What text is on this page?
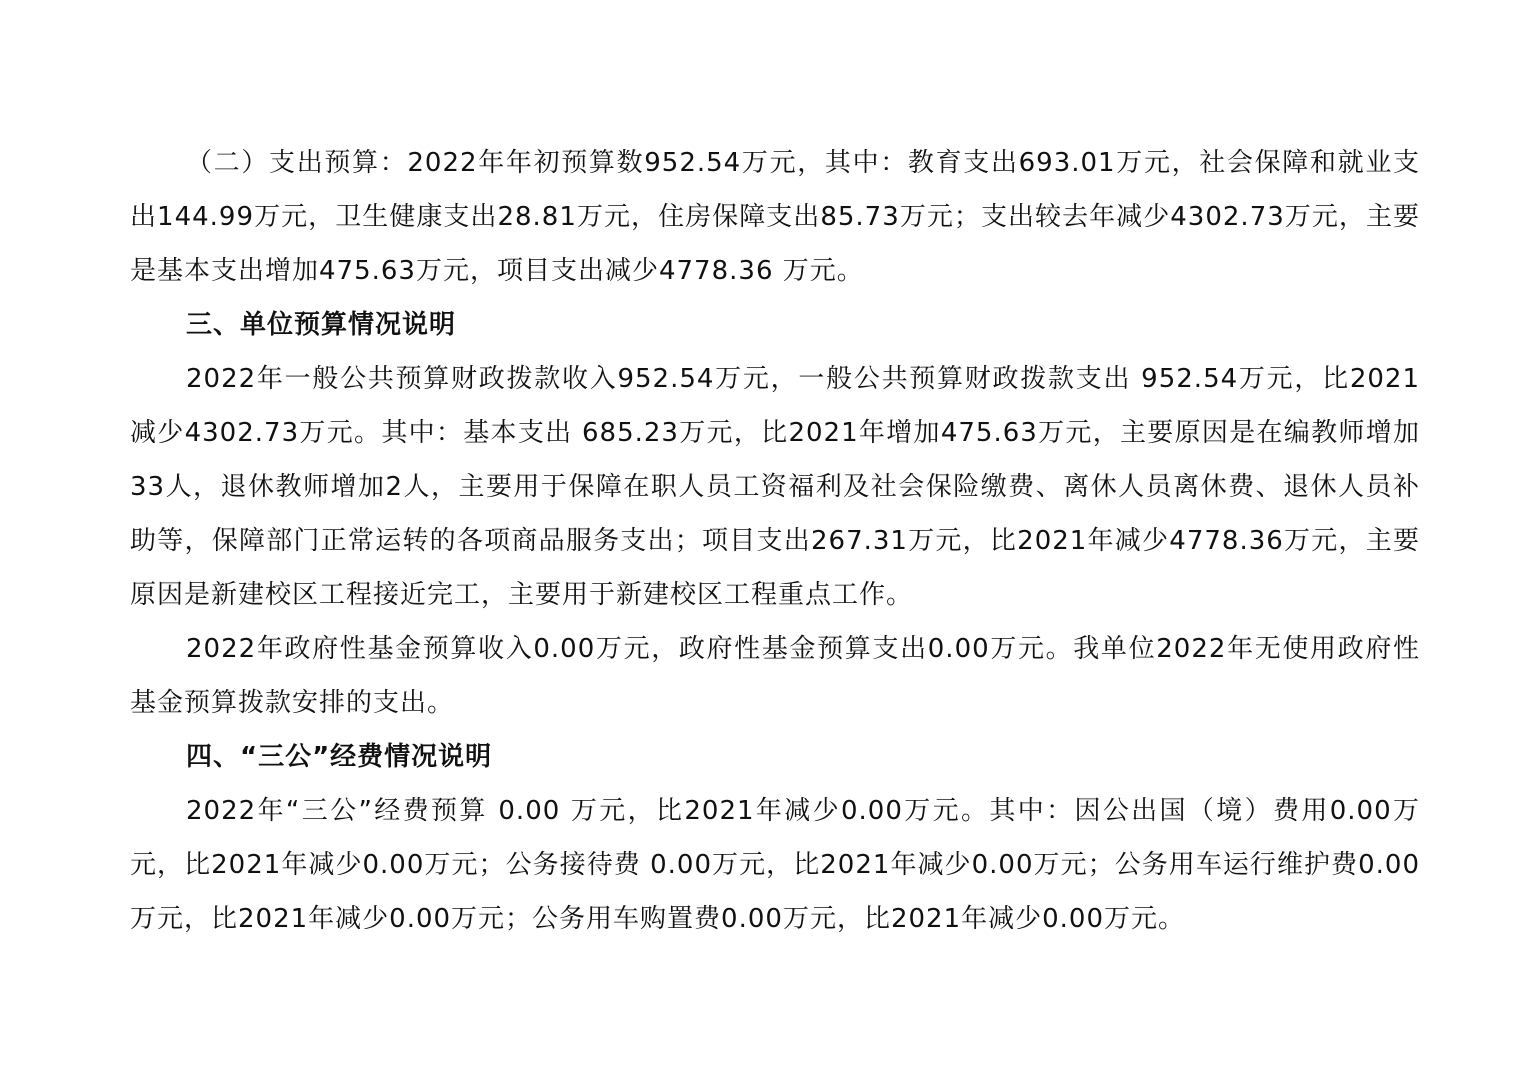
（二）支出预算：2022年年初预算数952.54万元，其中：教育支出693.01万元，社会保障和就业支出144.99万元，卫生健康支出28.81万元，住房保障支出85.73万元；支出较去年减少4302.73万元，主要是基本支出增加475.63万元，项目支出减少4778.36 万元。

三、单位预算情况说明

2022年一般公共预算财政拨款收入952.54万元，一般公共预算财政拨款支出 952.54万元，比2021减少4302.73万元。其中：基本支出 685.23万元，比2021年增加475.63万元，主要原因是在编教师增加33人，退休教师增加2人，主要用于保障在职人员工资福利及社会保险缴费、离休人员离休费、退休人员补助等，保障部门正常运转的各项商品服务支出；项目支出267.31万元，比2021年减少4778.36万元，主要原因是新建校区工程接近完工，主要用于新建校区工程重点工作。

2022年政府性基金预算收入0.00万元，政府性基金预算支出0.00万元。我单位2022年无使用政府性基金预算拨款安排的支出。

四、“三公”经费情况说明

2022年“三公”经费预算 0.00 万元，比2021年减少0.00万元。其中：因公出国（境）费用0.00万元，比2021年减少0.00万元；公务接待费 0.00万元，比2021年减少0.00万元；公务用车运行维护费0.00万元，比2021年减少0.00万元；公务用车购置费0.00万元，比2021年减少0.00万元。
